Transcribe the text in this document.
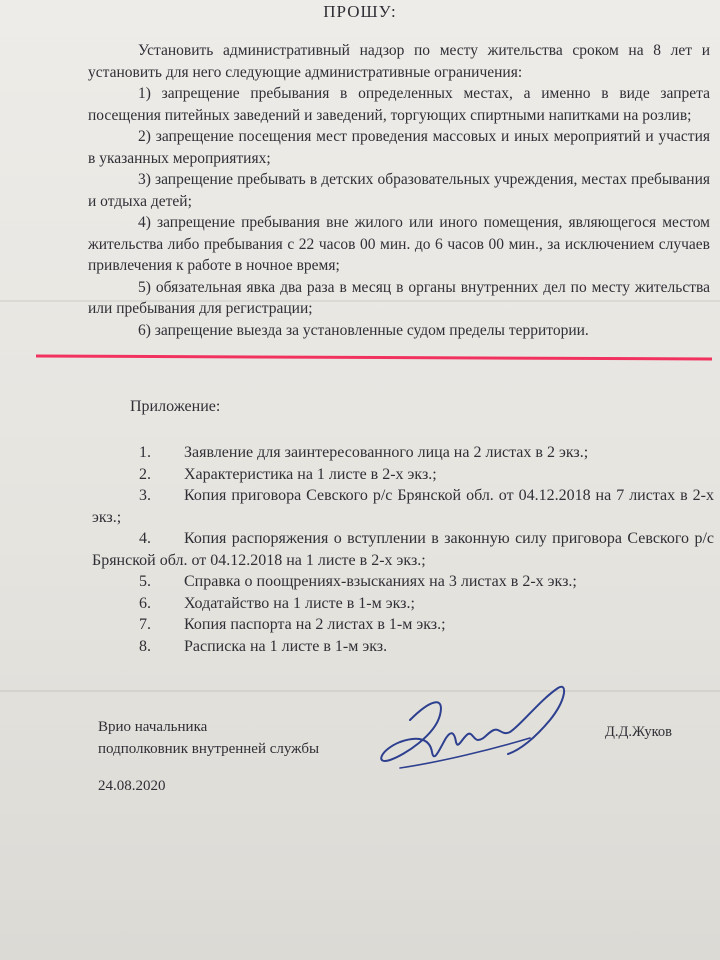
ПРОШУ:

Установить административный надзор по месту жительства сроком на 8 лет и установить для него следующие административные ограничения:

1) запрещение пребывания в определенных местах, а именно в виде запрета посещения питейных заведений и заведений, торгующих спиртными напитками на розлив;

2) запрещение посещения мест проведения массовых и иных мероприятий и участия в указанных мероприятиях;

3) запрещение пребывать в детских образовательных учреждения, местах пребывания и отдыха детей;

4) запрещение пребывания вне жилого или иного помещения, являющегося местом жительства либо пребывания с 22 часов 00 мин. до 6 часов 00 мин., за исключением случаев привлечения к работе в ночное время;

5) обязательная явка два раза в месяц в органы внутренних дел по месту жительства или пребывания для регистрации;

6) запрещение выезда за установленные судом пределы территории.

Приложение:
1. Заявление для заинтересованного лица на 2 листах в 2 экз.;
2. Характеристика на 1 листе в 2-х экз.;
3. Копия приговора Севского р/с Брянской обл. от 04.12.2018 на 7 листах в 2-х экз.;
4. Копия распоряжения о вступлении в законную силу приговора Севского р/с Брянской обл. от 04.12.2018 на 1 листе в 2-х экз.;
5. Справка о поощрениях-взысканиях на 3 листах в 2-х экз.;
6. Ходатайство на 1 листе в 1-м экз.;
7. Копия паспорта на 2 листах в 1-м экз.;
8. Расписка на 1 листе в 1-м экз.
Врио начальника
подполковник внутренней службы
Д.Д.Жуков
24.08.2020
